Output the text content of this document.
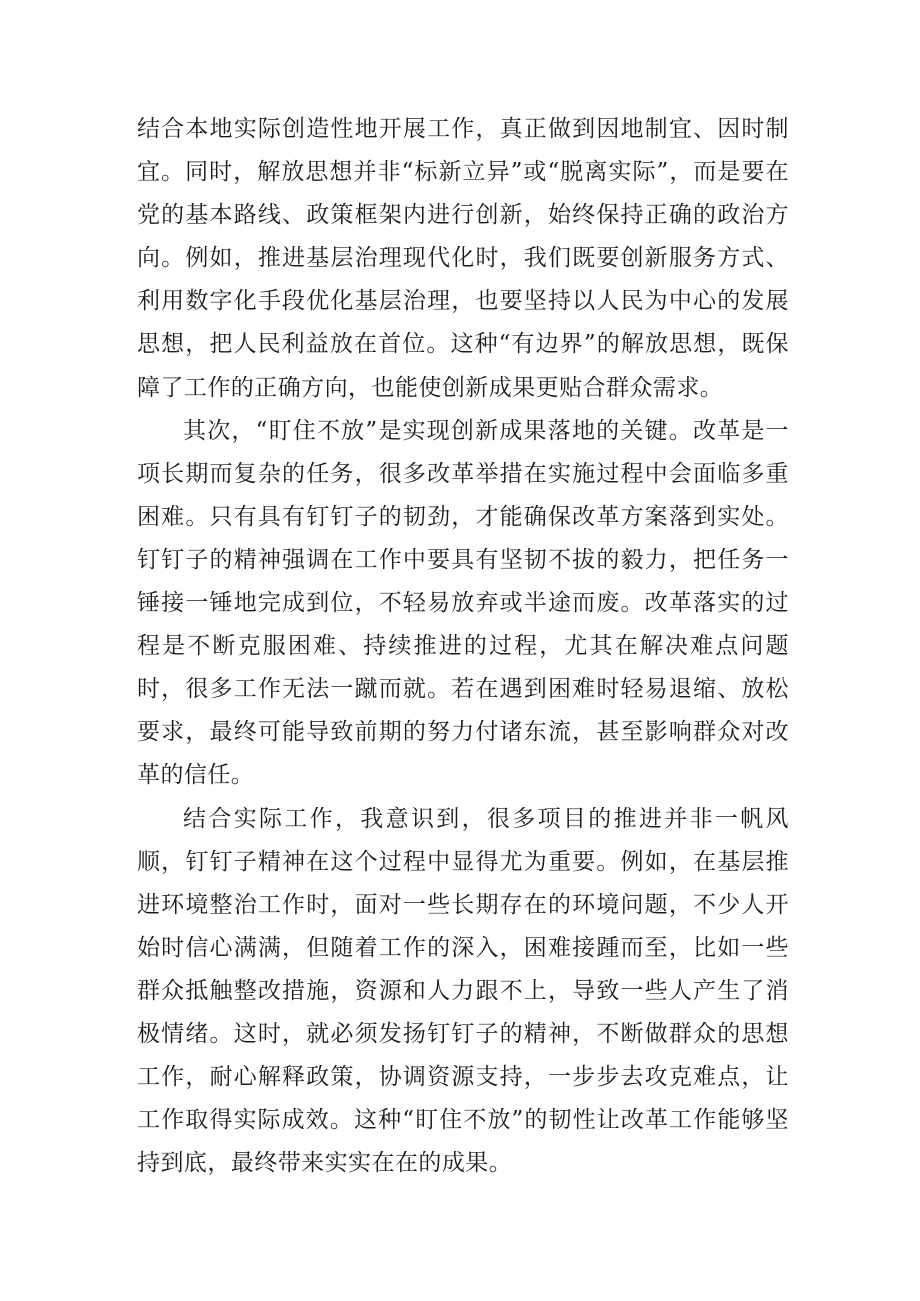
结合本地实际创造性地开展工作，真正做到因地制宜、因时制宜。同时，解放思想并非“标新立异”或“脱离实际”，而是要在党的基本路线、政策框架内进行创新，始终保持正确的政治方向。例如，推进基层治理现代化时，我们既要创新服务方式、利用数字化手段优化基层治理，也要坚持以人民为中心的发展思想，把人民利益放在首位。这种“有边界”的解放思想，既保障了工作的正确方向，也能使创新成果更贴合群众需求。

其次，“盯住不放”是实现创新成果落地的关键。改革是一项长期而复杂的任务，很多改革举措在实施过程中会面临多重困难。只有具有钉钉子的韧劲，才能确保改革方案落到实处。钉钉子的精神强调在工作中要具有坚韧不拔的毅力，把任务一锤接一锤地完成到位，不轻易放弃或半途而废。改革落实的过程是不断克服困难、持续推进的过程，尤其在解决难点问题时，很多工作无法一蹴而就。若在遇到困难时轻易退缩、放松要求，最终可能导致前期的努力付诸东流，甚至影响群众对改革的信任。

结合实际工作，我意识到，很多项目的推进并非一帆风顺，钉钉子精神在这个过程中显得尤为重要。例如，在基层推进环境整治工作时，面对一些长期存在的环境问题，不少人开始时信心满满，但随着工作的深入，困难接踵而至，比如一些群众抵触整改措施，资源和人力跟不上，导致一些人产生了消极情绪。这时，就必须发扬钉钉子的精神，不断做群众的思想工作，耐心解释政策，协调资源支持，一步步去攻克难点，让工作取得实际成效。这种“盯住不放”的韧性让改革工作能够坚持到底，最终带来实实在在的成果。
